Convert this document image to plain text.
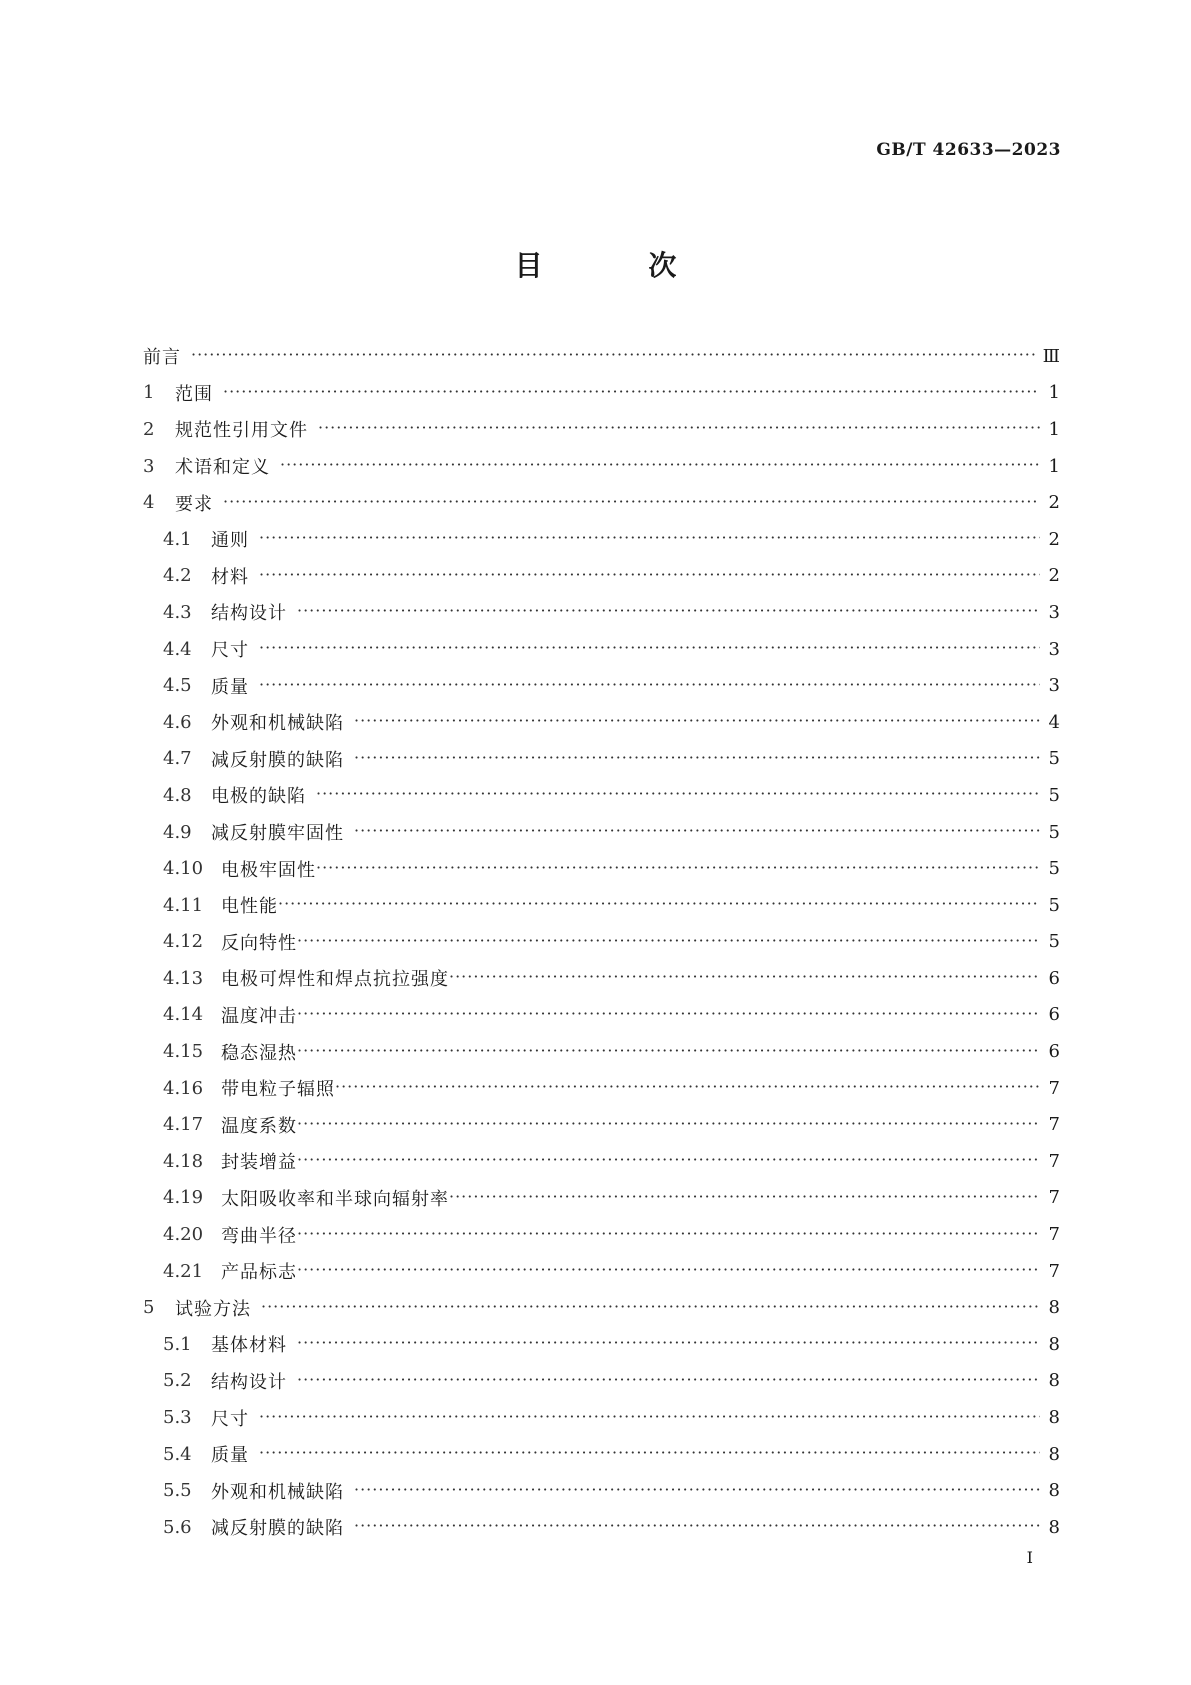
GB/T 42633—2023
目 次
前言 ·····	Ⅲ
1	范围 ·····	1
2	规范性引用文件 ·····	1
3	术语和定义 ·····	1
4	要求 ·····	2
4.1	通则 ·····	2
4.2	材料 ·····	2
4.3	结构设计 ·····	3
4.4	尺寸 ·····	3
4.5	质量 ·····	3
4.6	外观和机械缺陷 ·····	4
4.7	减反射膜的缺陷 ·····	5
4.8	电极的缺陷 ·····	5
4.9	减反射膜牢固性 ·····	5
4.10 电极牢固性 ·····	5
4.11 电性能 ·····	5
4.12 反向特性 ·····	5
4.13 电极可焊性和焊点抗拉强度 ·····	6
4.14 温度冲击 ·····	6
4.15 稳态湿热 ·····	6
4.16 带电粒子辐照 ·····	7
4.17 温度系数 ·····	7
4.18 封装增益 ·····	7
4.19 太阳吸收率和半球向辐射率 ·····	7
4.20 弯曲半径 ·····	7
4.21 产品标志 ·····	7
5	试验方法 ·····	8
5.1	基体材料 ·····	8
5.2	结构设计 ·····	8
5.3	尺寸 ·····	8
5.4	质量 ·····	8
5.5	外观和机械缺陷 ·····	8
5.6	减反射膜的缺陷 ·····	8
I
